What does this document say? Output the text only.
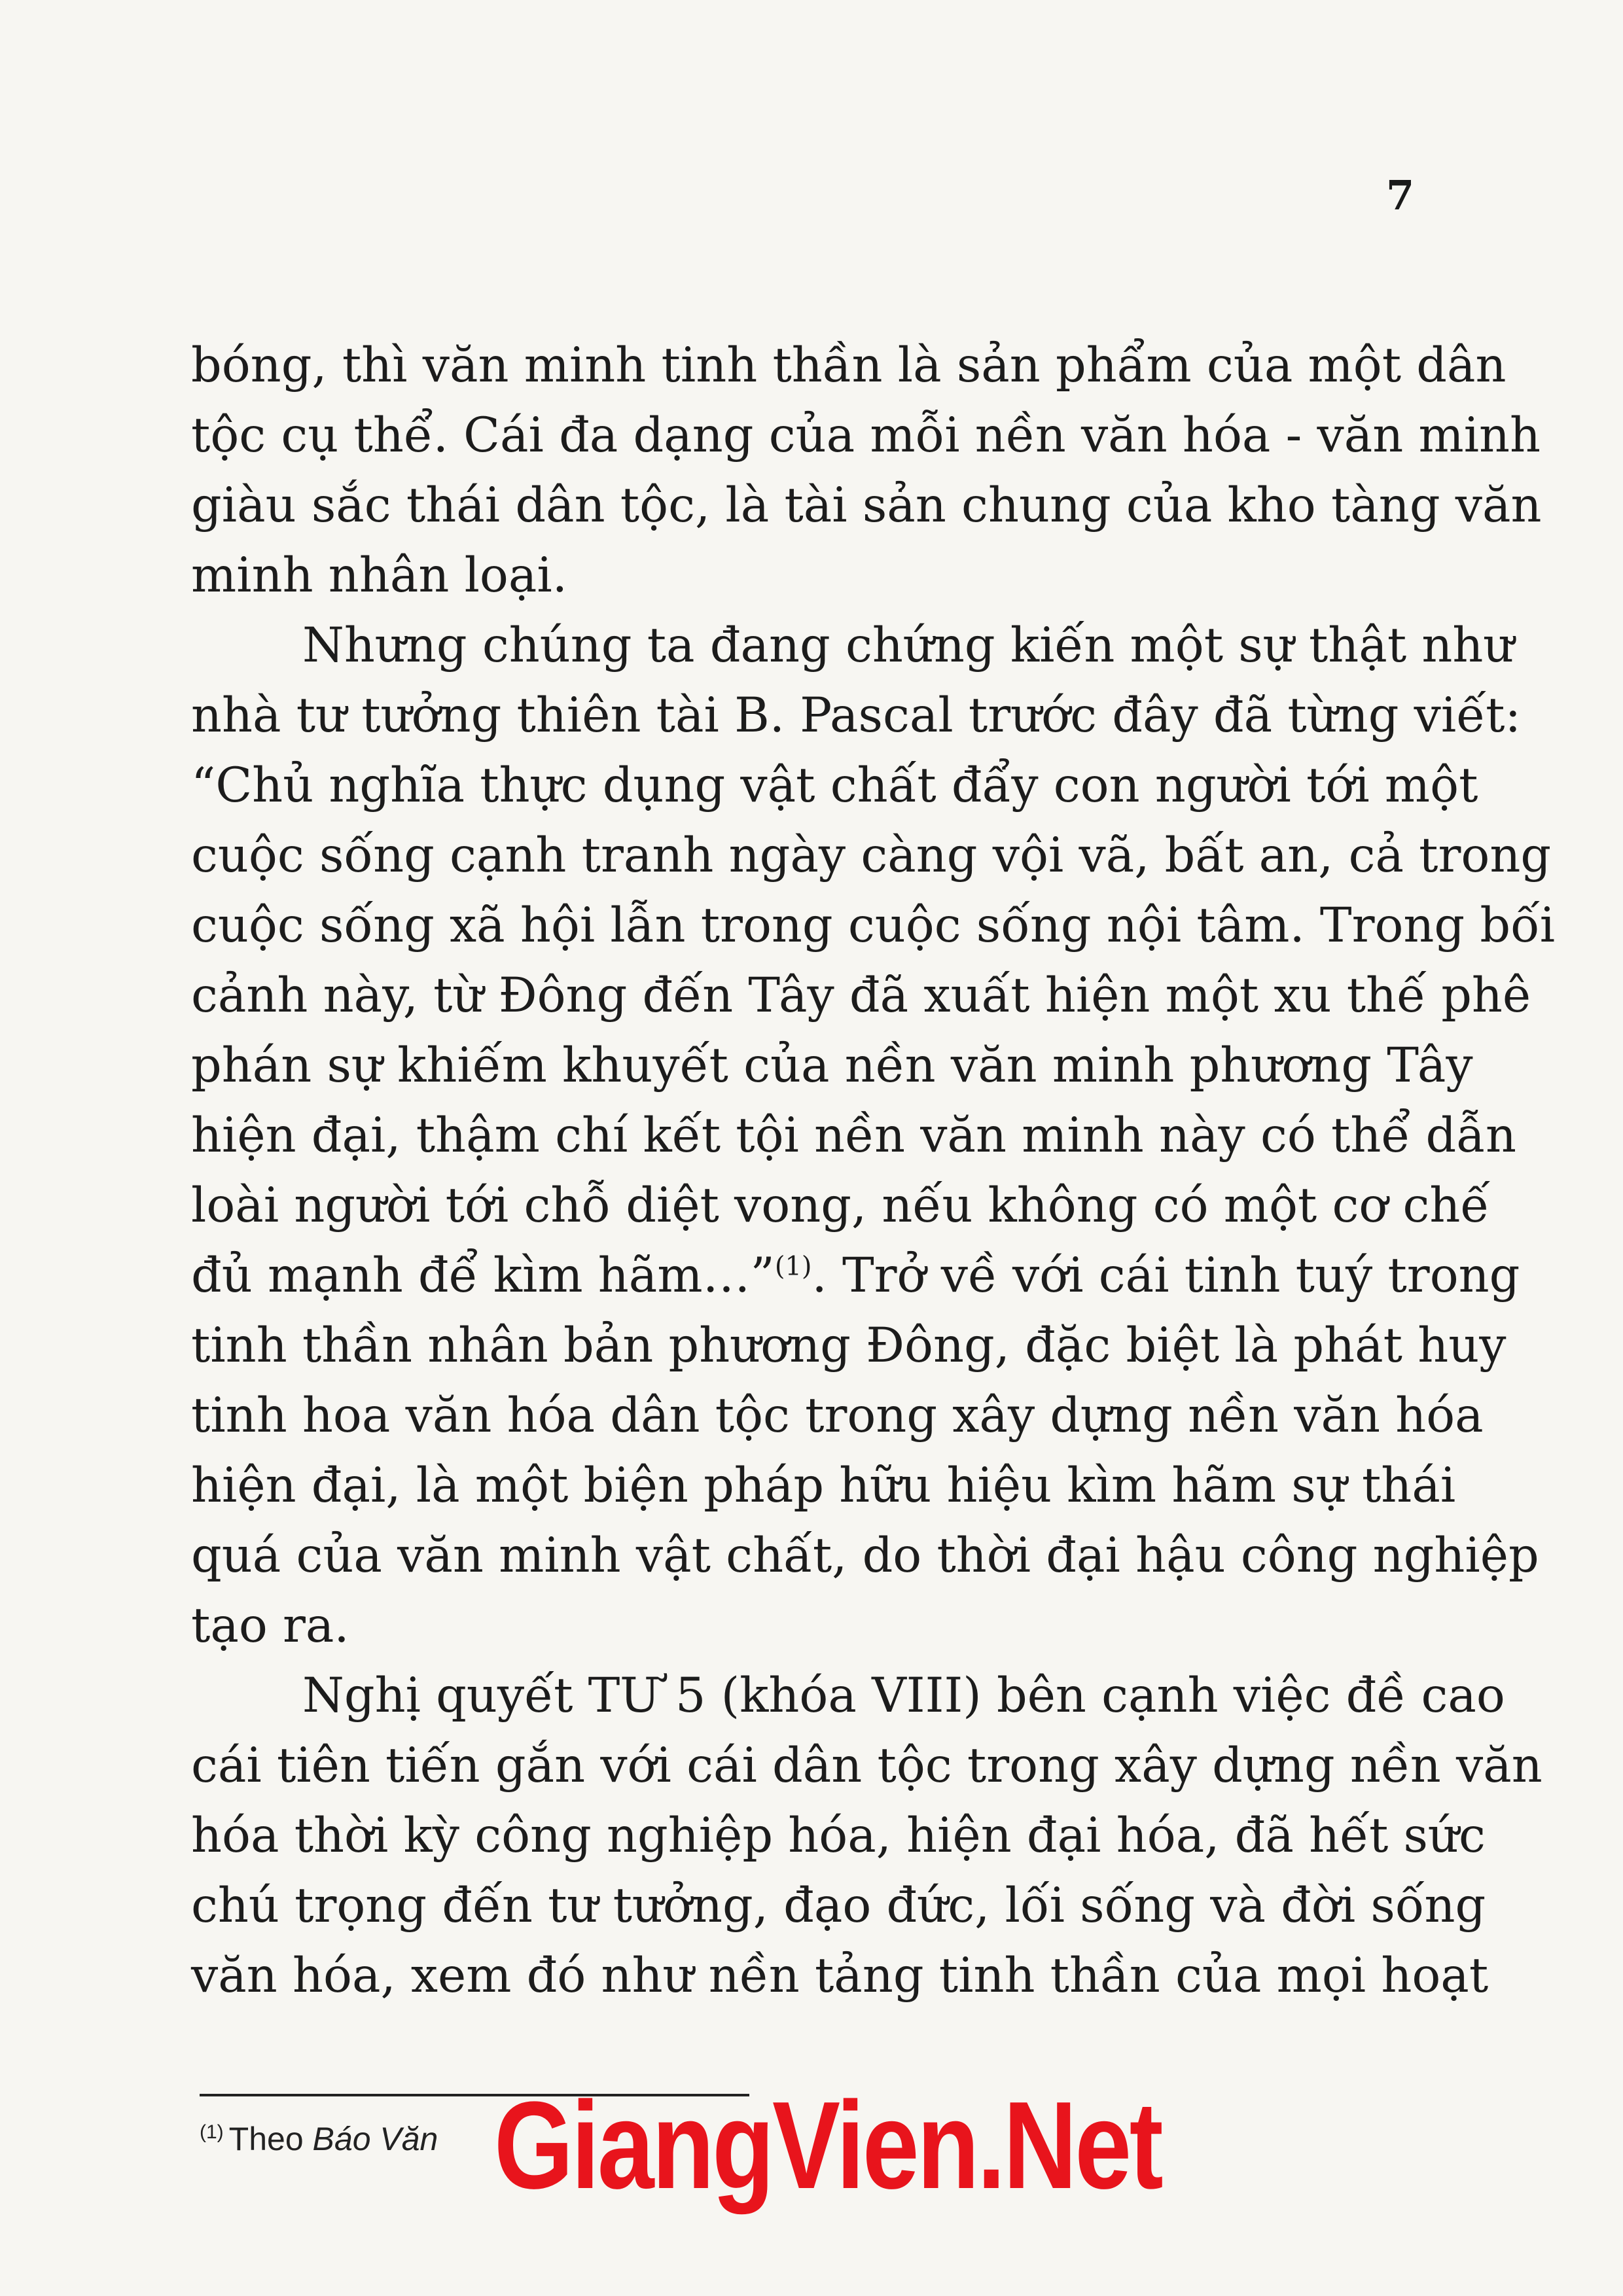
7
bóng, thì văn minh tinh thần là sản phẩm của một dân
tộc cụ thể. Cái đa dạng của mỗi nền văn hóa - văn minh
giàu sắc thái dân tộc, là tài sản chung của kho tàng văn
minh nhân loại.
Nhưng chúng ta đang chứng kiến một sự thật như
nhà tư tưởng thiên tài B. Pascal trước đây đã từng viết:
“Chủ nghĩa thực dụng vật chất đẩy con người tới một
cuộc sống cạnh tranh ngày càng vội vã, bất an, cả trong
cuộc sống xã hội lẫn trong cuộc sống nội tâm. Trong bối
cảnh này, từ Đông đến Tây đã xuất hiện một xu thế phê
phán sự khiếm khuyết của nền văn minh phương Tây
hiện đại, thậm chí kết tội nền văn minh này có thể dẫn
loài người tới chỗ diệt vong, nếu không có một cơ chế
đủ mạnh để kìm hãm…”$^{(1)}$. Trở về với cái tinh tuý trong
tinh thần nhân bản phương Đông, đặc biệt là phát huy
tinh hoa văn hóa dân tộc trong xây dựng nền văn hóa
hiện đại, là một biện pháp hữu hiệu kìm hãm sự thái
quá của văn minh vật chất, do thời đại hậu công nghiệp
tạo ra.
Nghị quyết TƯ 5 (khóa VIII) bên cạnh việc đề cao
cái tiên tiến gắn với cái dân tộc trong xây dựng nền văn
hóa thời kỳ công nghiệp hóa, hiện đại hóa, đã hết sức
chú trọng đến tư tưởng, đạo đức, lối sống và đời sống
văn hóa, xem đó như nền tảng tinh thần của mọi hoạt
$^{(1)}$ Theo Báo Văn GiangVien.Net
